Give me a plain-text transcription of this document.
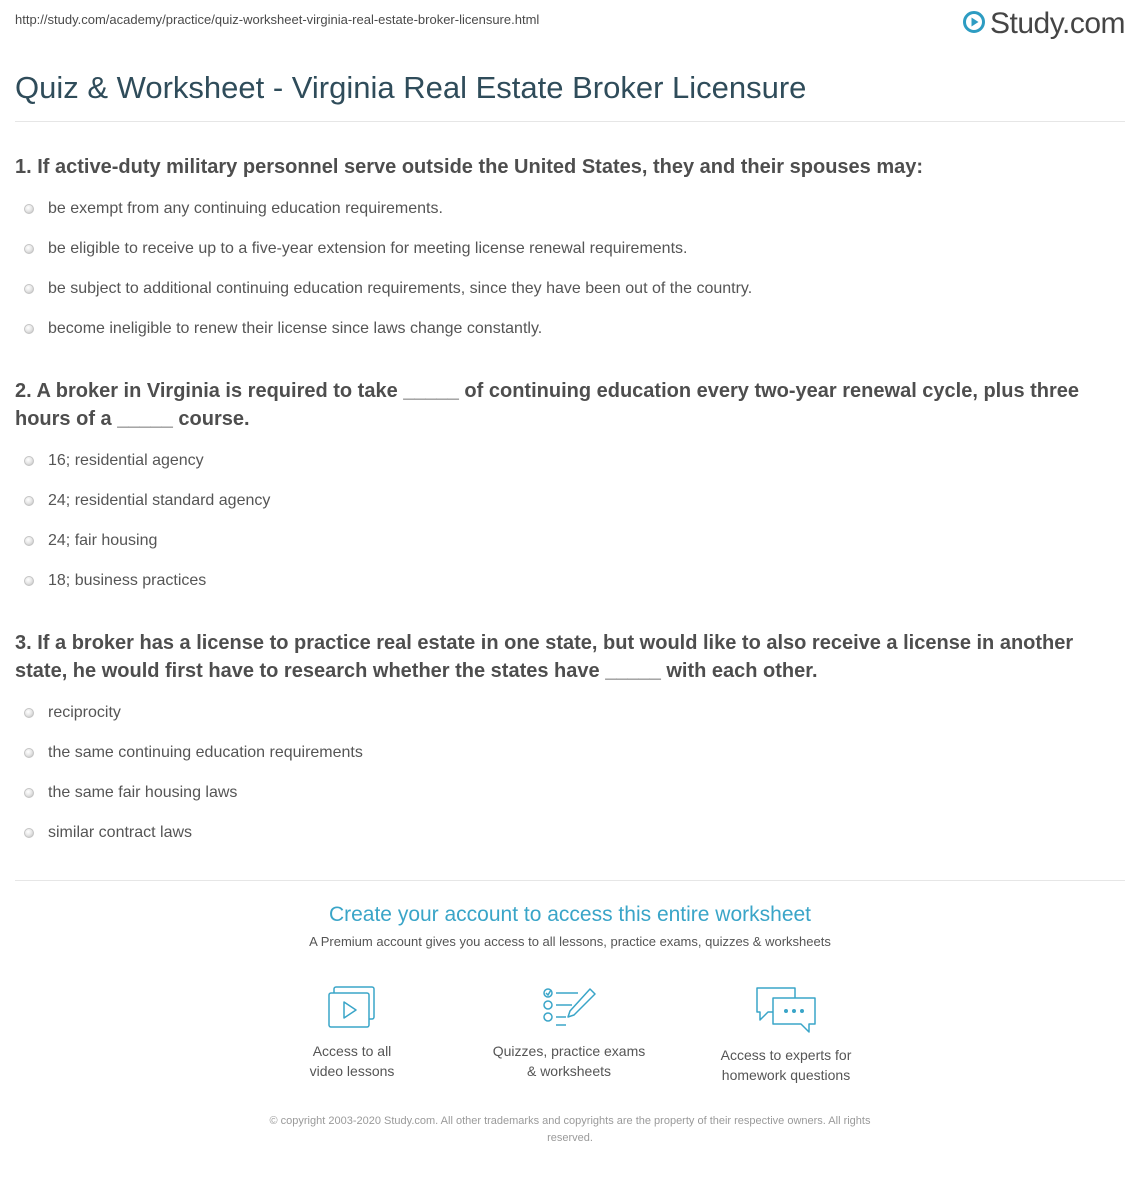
http://study.com/academy/practice/quiz-worksheet-virginia-real-estate-broker-licensure.html	Study.com
Quiz & Worksheet - Virginia Real Estate Broker Licensure

1. If active-duty military personnel serve outside the United States, they and their spouses may:

be exempt from any continuing education requirements.
be eligible to receive up to a five-year extension for meeting license renewal requirements.
be subject to additional continuing education requirements, since they have been out of the country.
become ineligible to renew their license since laws change constantly.

2. A broker in Virginia is required to take _____ of continuing education every two-year renewal cycle, plus three hours of a _____ course.

16; residential agency
24; residential standard agency
24; fair housing
18; business practices

3. If a broker has a license to practice real estate in one state, but would like to also receive a license in another state, he would first have to research whether the states have _____ with each other.

reciprocity
the same continuing education requirements
the same fair housing laws
similar contract laws
Create your account to access this entire worksheet
A Premium account gives you access to all lessons, practice exams, quizzes & worksheets
Access to all
video lessons
Quizzes, practice exams
& worksheets
Access to experts for
homework questions
© copyright 2003-2020 Study.com. All other trademarks and copyrights are the property of their respective owners. All rights
reserved.
